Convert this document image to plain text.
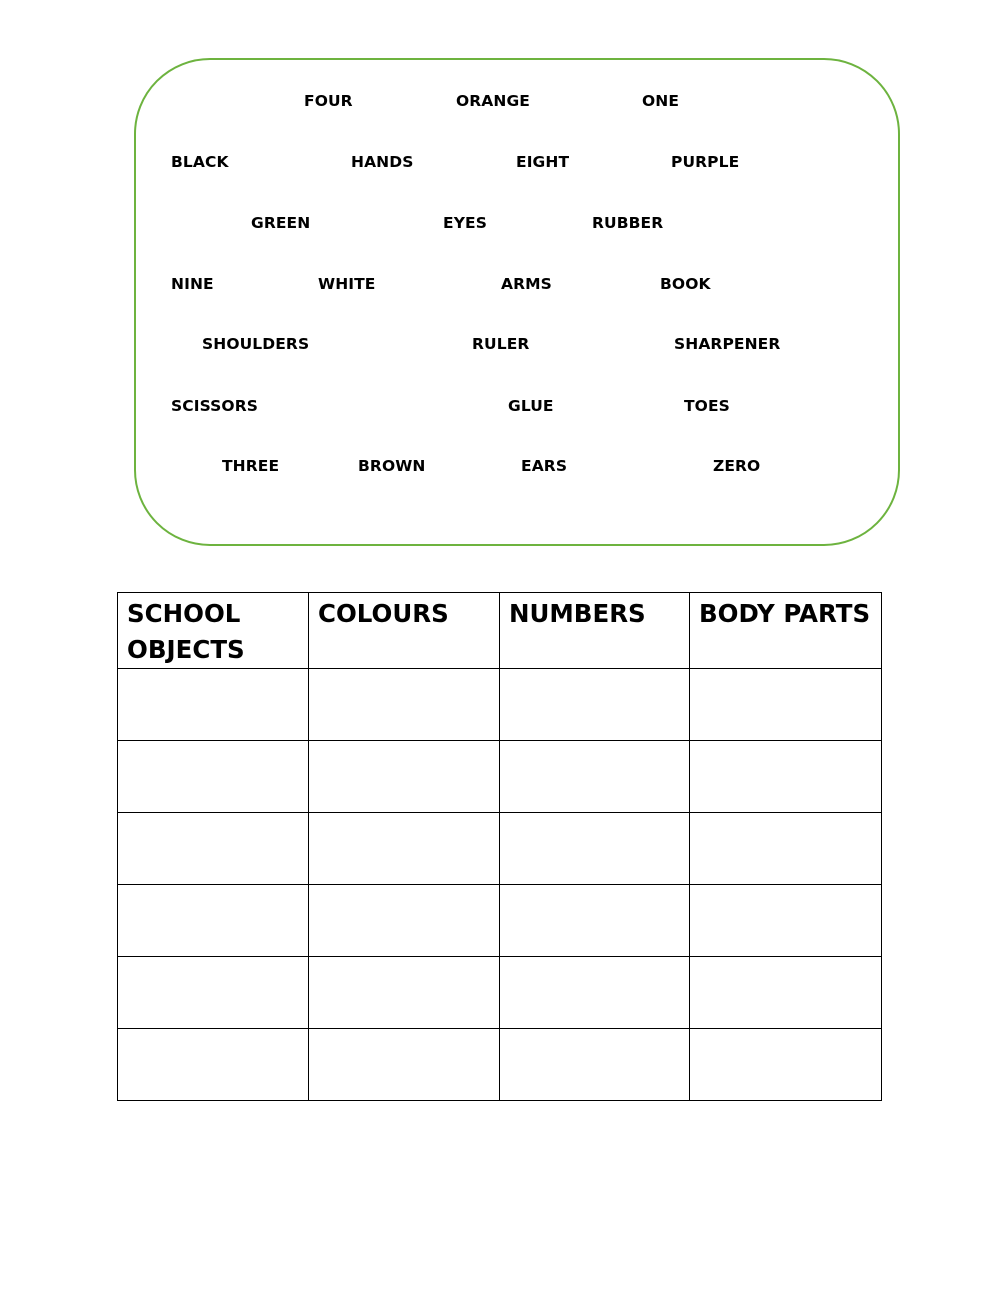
FOUR	ORANGE	ONE

BLACK	HANDS	EIGHT	PURPLE

GREEN	EYES	RUBBER

NINE	WHITE	ARMS	BOOK

SHOULDERS	RULER	SHARPENER

SCISSORS	GLUE	TOES

THREE	BROWN	EARS	ZERO

SCHOOL OBJECTS	COLOURS	NUMBERS	BODY PARTS
